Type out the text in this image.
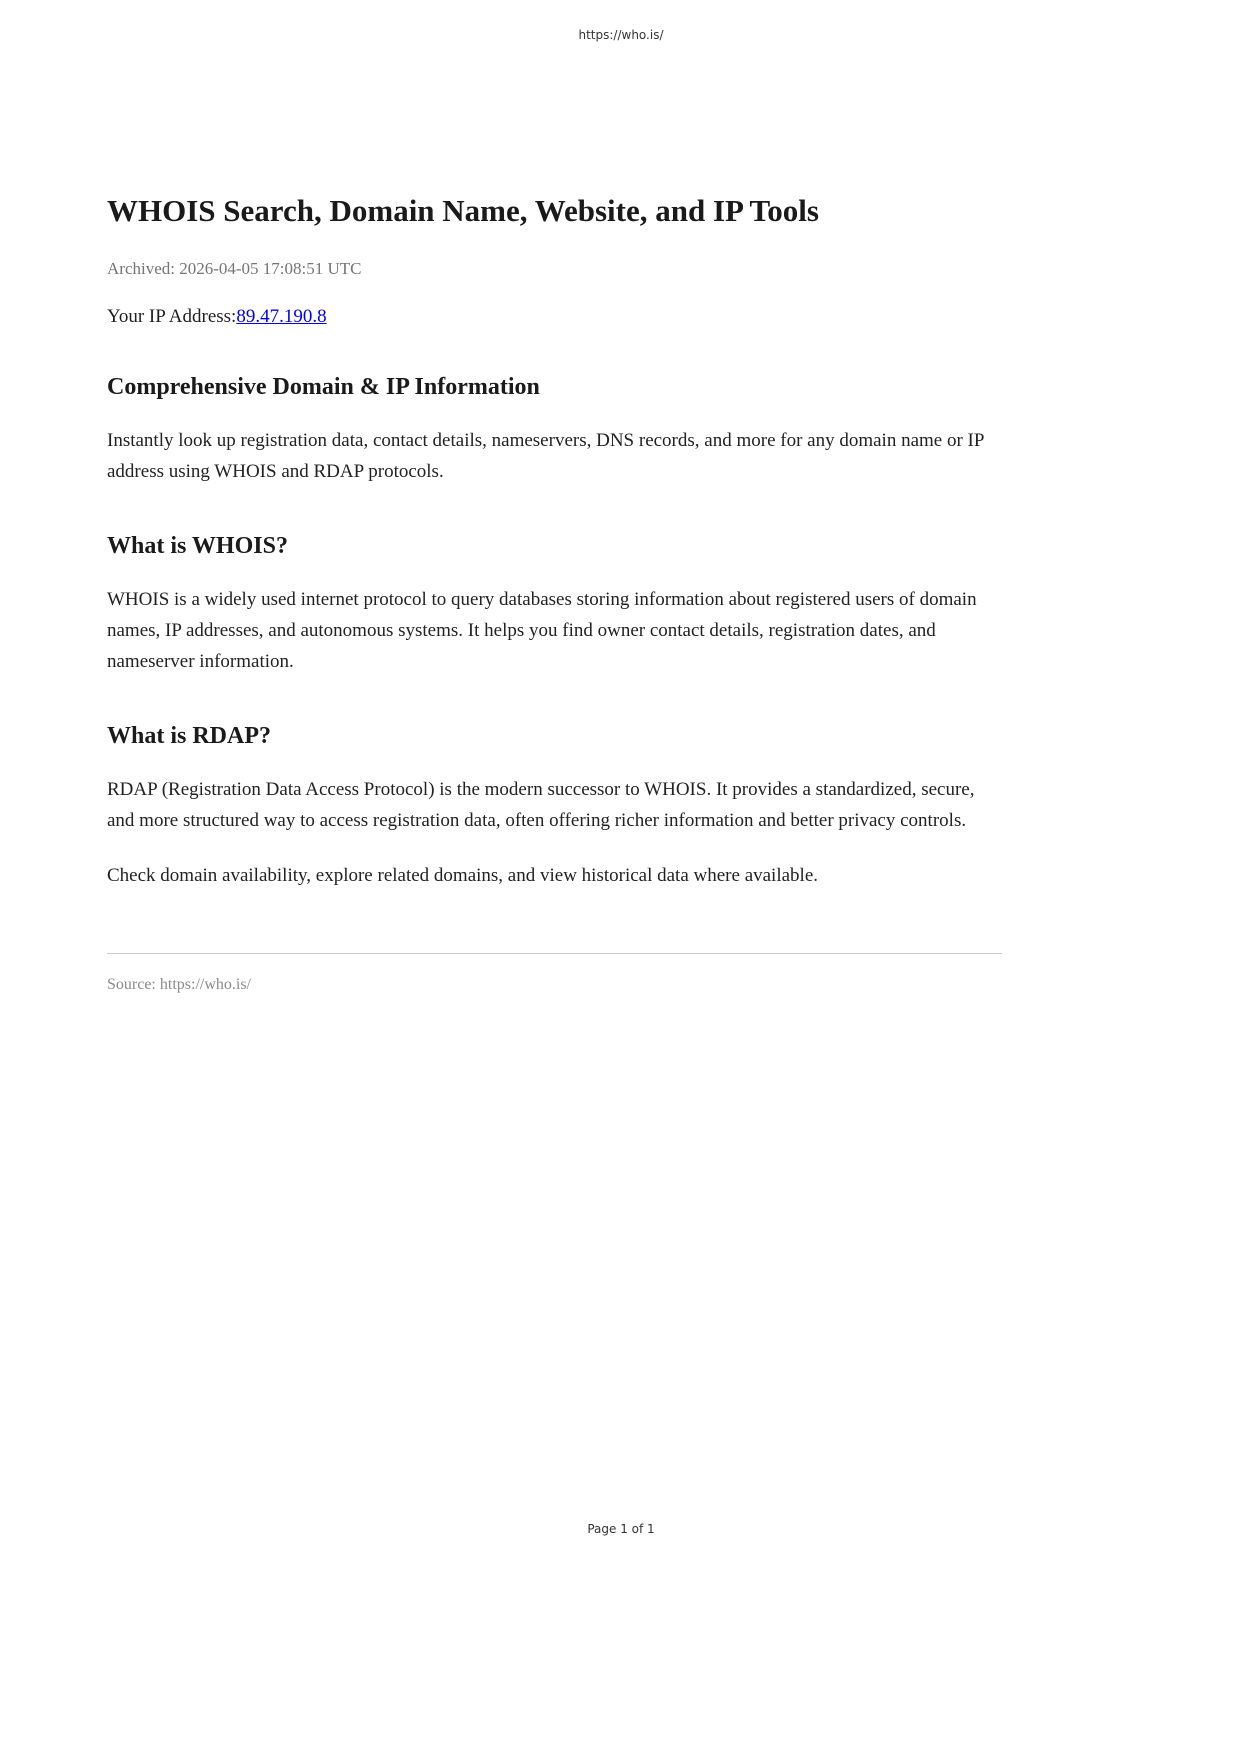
https://who.is/
WHOIS Search, Domain Name, Website, and IP Tools
Archived: 2026-04-05 17:08:51 UTC
Your IP Address:89.47.190.8
Comprehensive Domain & IP Information

Instantly look up registration data, contact details, nameservers, DNS records, and more for any domain name or IP address using WHOIS and RDAP protocols.

What is WHOIS?

WHOIS is a widely used internet protocol to query databases storing information about registered users of domain names, IP addresses, and autonomous systems. It helps you find owner contact details, registration dates, and nameserver information.

What is RDAP?

RDAP (Registration Data Access Protocol) is the modern successor to WHOIS. It provides a standardized, secure, and more structured way to access registration data, often offering richer information and better privacy controls.

Check domain availability, explore related domains, and view historical data where available.

Source: https://who.is/
Page 1 of 1
